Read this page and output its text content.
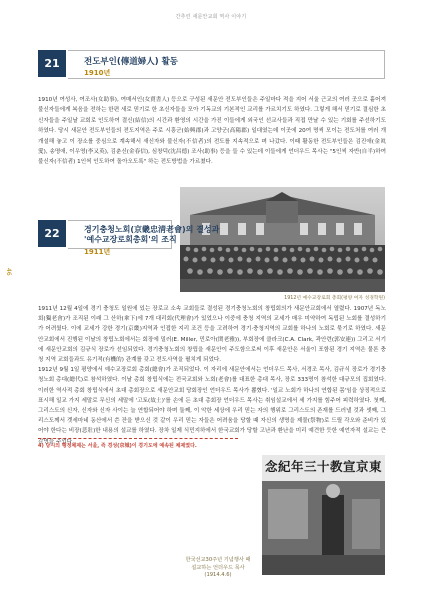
간추린 새문안교회 역사 이야기
46
21	전도부인(傳道婦人) 활동
1910년

1910년 여성사, 여조사(女助事), 여매서인(女賣書人) 등으로 구성된 새문안 전도부인들은 주일마다 적을 지어 서울 근교의 여러 곳으로 흩어져 불신자들에게 복음을 전하는 한편 새로 믿기로 한 초신자들을 모아 기독교의 기본적인 교리를 가르치기도 하였다. 그렇게 해서 믿기로 결심한 초신자들을 주일날 교회로 인도하여 결신(結信)의 시간과 환영의 시간을 가진 이들에게 외국인 선교사들과 직접 만날 수 있는 기회를 주선하기도 하였다. 당시 새문안 전도부인들의 전도지역은 주로 시흥군(始興郡)과 고양군(高陽郡) 일대였는데 이곳에 20여 명씩 모이는 전도처를 여러 개 개설해 놓고 이 장소를 중심으로 계속해서 새신자와 불신자(不信者)의 전도를 지속적으로 펴 나갔다. 이때 활동한 전도부인들은 김진애(金眞愛), 송명애, 이우영(李又英), 김춘신(金春信), 심창덕(沈昌德) 조사(助事) 등을 들 수 있는데 이들에게 언더우드 목사는 "5인씩 자반(自半)하여 불신자(不信者) 1인씩 인도하여 돌아오도록" 하는 전도방법을 가르쳤다.

1912년 예수교장로회 총회(평양 여자 성경학원)
22	경기충청노회(京畿忠淸老會)의 결성과
'예수교장로회총회'의 조직
1911년

1911년 12월 4일에 경기 충청도 일원에 있는 장로교 소속 교회들로 결성된 경기충청노회의 창립회의가 새문안교회에서 열렸다. 1907년 독노회(獨老會)가 조직된 이래 그 산하(傘下)에 7개 대리회(代理會)가 있었으나 이중에 충청 지역의 교세가 매우 미약하여 독립된 노회를 결성하기가 어려웠다. 이에 교세가 강한 경기(京畿)지역과 인접한 지리 조건 등을 고려하여 경기·충청지역의 교회를 하나의 노회로 묶기로 하였다. 새문안교회에서 진행된 이날의 창립노회에서는 회장에 밀러(E. Miller, 민로아(閔老雅)), 부회장에 클라크(C.A. Clark, 곽안련(郭安連)) 그리고 서기에 새문안교회의 김규식 장로가 선임되었다. 경기충청노회의 창립을 새문안이 주도함으로써 이후 새문안은 서울이 포함된 경기 지역은 물론 충청 지역 교회들과도 유기적(有機的) 관계를 갖고 전도사역을 펼치게 되었다.

1912년 9월 1일 평양에서 예수교장로회 총회(總會)가 조직되었다. 이 자리에 새문안에서는 언더우드 목사, 서경조 목사, 김규식 장로가 경기충청노회 총대(總代)로 참석하였다. 이날 총회 창립식에는 전국교회와 노회(老會)를 대표한 총대 목사, 장로 333명이 참석한 대규모의 집회였다. 이러한 역사적 총회 창립식에서 초대 총회장으로 새문안교회 당회장인 언더우드 목사가 뽑혔다. '일교 노회가 하나의 연합된 몸'임을 상징적으로 표시해 일교 가지 세말로 무신의 세말에 '고토(故土)'를 손에 든 초대 총회장 언더우드 목사는 취임설교에서 세 가지를 힘주어 피력하였다. 첫째, 그리스도의 신자, 신자와 신자 사이는 늘 연합되어야 하며 둘째, 이 악한 세상에 우리 믿는 자의 행위로 그리스도의 존재를 드러낼 것과 셋째, 그리스도께서 겟세마네 동산에서 쓴 잔을 받으신 것 같이 우리 믿는 자들은 어려움을 당할 때 자신의 생명을 제물(祭物)로 드릴 각오와 준비가 있어야 한다는 비장(悲壯)한 내용의 설교를 하였다. 장차 일제 식민지하에서 한국교회가 당할 고난과 환난을 미리 예견한 듯한 예언자적 설교는 큰 감명을 주었다.

4) 당시의 행정체제는 서울, 즉 경성(京城)이 경기도에 예속된 체제였다.
念紀年三十教宣京東
한국선교30주년 기념행사 때
설교하는 언더우드 목사
(1914.4.6)
